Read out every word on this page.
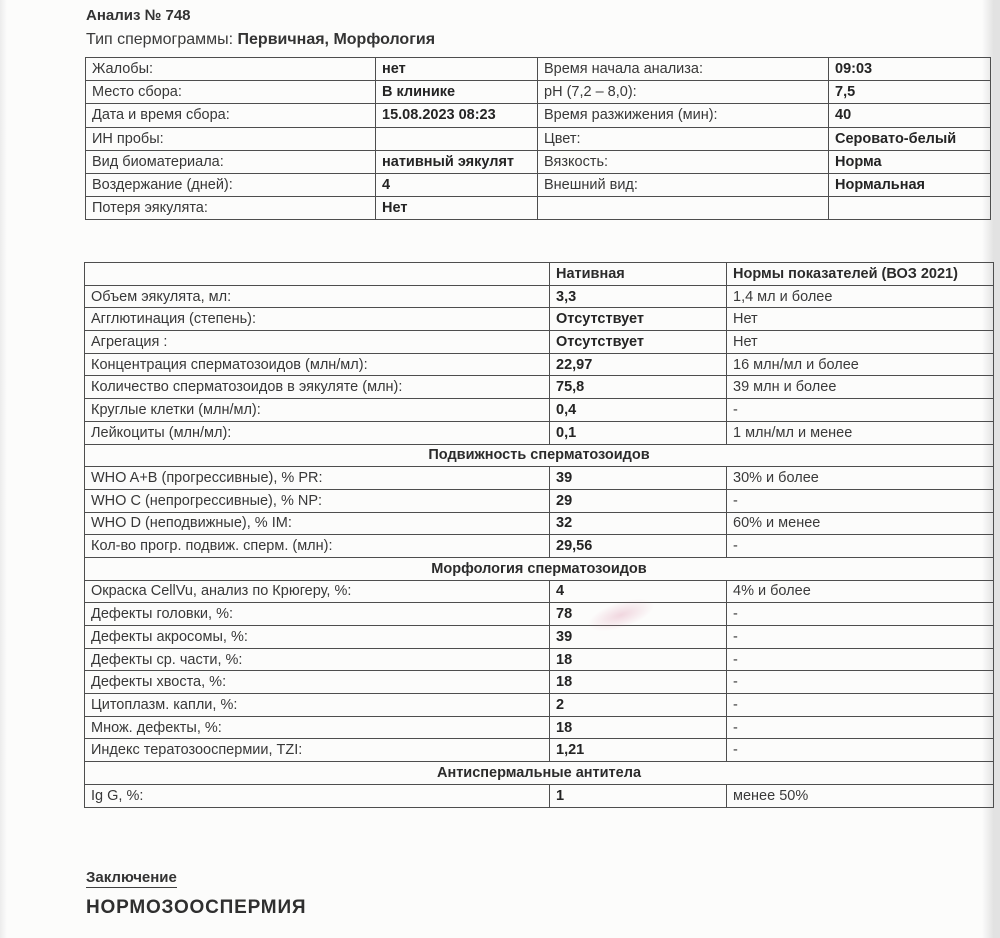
Анализ № 748
Тип спермограммы: Первичная, Морфология
Жалобы:	нет	Время начала анализа:	09:03
Место сбора:	В клинике	pH (7,2 – 8,0):	7,5
Дата и время сбора:	15.08.2023 08:23	Время разжижения (мин):	40
ИН пробы:		Цвет:	Серовато-белый
Вид биоматериала:	нативный эякулят	Вязкость:	Норма
Воздержание (дней):	4	Внешний вид:	Нормальная
Потеря эякулята:	Нет		
	Нативная	Нормы показателей (ВОЗ 2021)
Объем эякулята, мл:	3,3	1,4 мл и более
Агглютинация (степень):	Отсутствует	Нет
Агрегация :	Отсутствует	Нет
Концентрация сперматозоидов (млн/мл):	22,97	16 млн/мл и более
Количество сперматозоидов в эякуляте (млн):	75,8	39 млн и более
Круглые клетки (млн/мл):	0,4	-
Лейкоциты (млн/мл):	0,1	1 млн/мл и менее
Подвижность сперматозоидов		
WHO A+B (прогрессивные), % PR:	39	30% и более
WHO C (непрогрессивные), % NP:	29	-
WHO D (неподвижные), % IM:	32	60% и менее
Кол-во прогр. подвиж. сперм. (млн):	29,56	-
Морфология сперматозоидов		
Окраска CellVu, анализ по Крюгеру, %:	4	4% и более
Дефекты головки, %:	78	-
Дефекты акросомы, %:	39	-
Дефекты ср. части, %:	18	-
Дефекты хвоста, %:	18	-
Цитоплазм. капли, %:	2	-
Множ. дефекты, %:	18	-
Индекс тератозооспермии, TZI:	1,21	-
Антиспермальные антитела		
Ig G, %:	1	менее 50%
Заключение
НОРМОЗООСПЕРМИЯ
